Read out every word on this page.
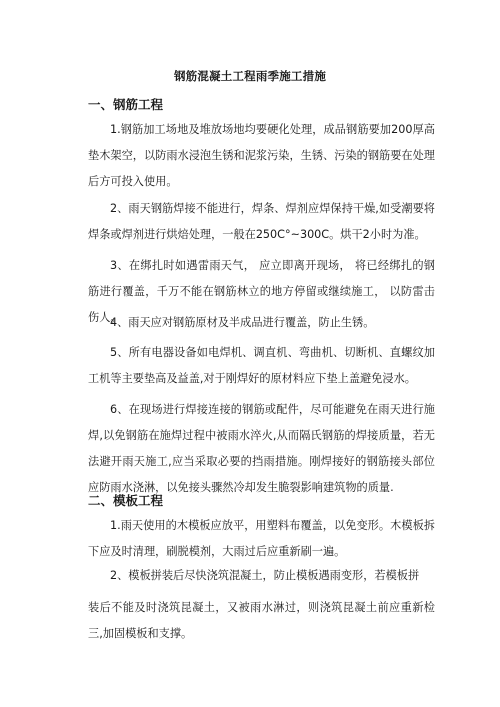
钢筋混凝土工程雨季施工措施
一、钢筋工程

1.钢筋加工场地及堆放场地均要硬化处理，成品钢筋要加200厚高垫木架空，以防雨水浸泡生锈和泥浆污染，生锈、污染的钢筋要在处理后方可投入使用。

2、雨天钢筋焊接不能进行，焊条、焊剂应焊保持干燥,如受潮要将焊条或焊剂进行烘焙处理，一般在250C°~300C。烘干2小时为准。

3、在绑扎时如遇雷雨天气， 应立即离开现场， 将已经绑扎的钢筋进行覆盖，千万不能在钢筋林立的地方停留或继续施工， 以防雷击伤人。

4、雨天应对钢筋原材及半成品进行覆盖，防止生锈。

5、所有电器设备如电焊机、调直机、弯曲机、切断机、直螺纹加工机等主要垫高及益盖,对于刚焊好的原材料应下垫上盖避免浸水。

6、在现场进行焊接连接的钢筋或配件，尽可能避免在雨天进行施焊,以免钢筋在施焊过程中被雨水淬火,从而隔氏钢筋的焊接质量，若无法避开雨天施工,应当采取必要的挡雨措施。刚焊接好的钢筋接头部位应防雨水浇淋，以免接头骤然冷却发生脆裂影响建筑物的质量.

二、模板工程

1.雨天使用的木模板应放平，用塑料布覆盖，以免变形。木模板拆下应及时清理，刷脱模剂，大雨过后应重新刷一遍。

2、模板拼装后尽快浇筑混凝土，防止模板遇雨变形，若模板拼

装后不能及时浇筑昆凝土，又被雨水淋过，则浇筑昆凝土前应重新检三,加固模板和支撑。
